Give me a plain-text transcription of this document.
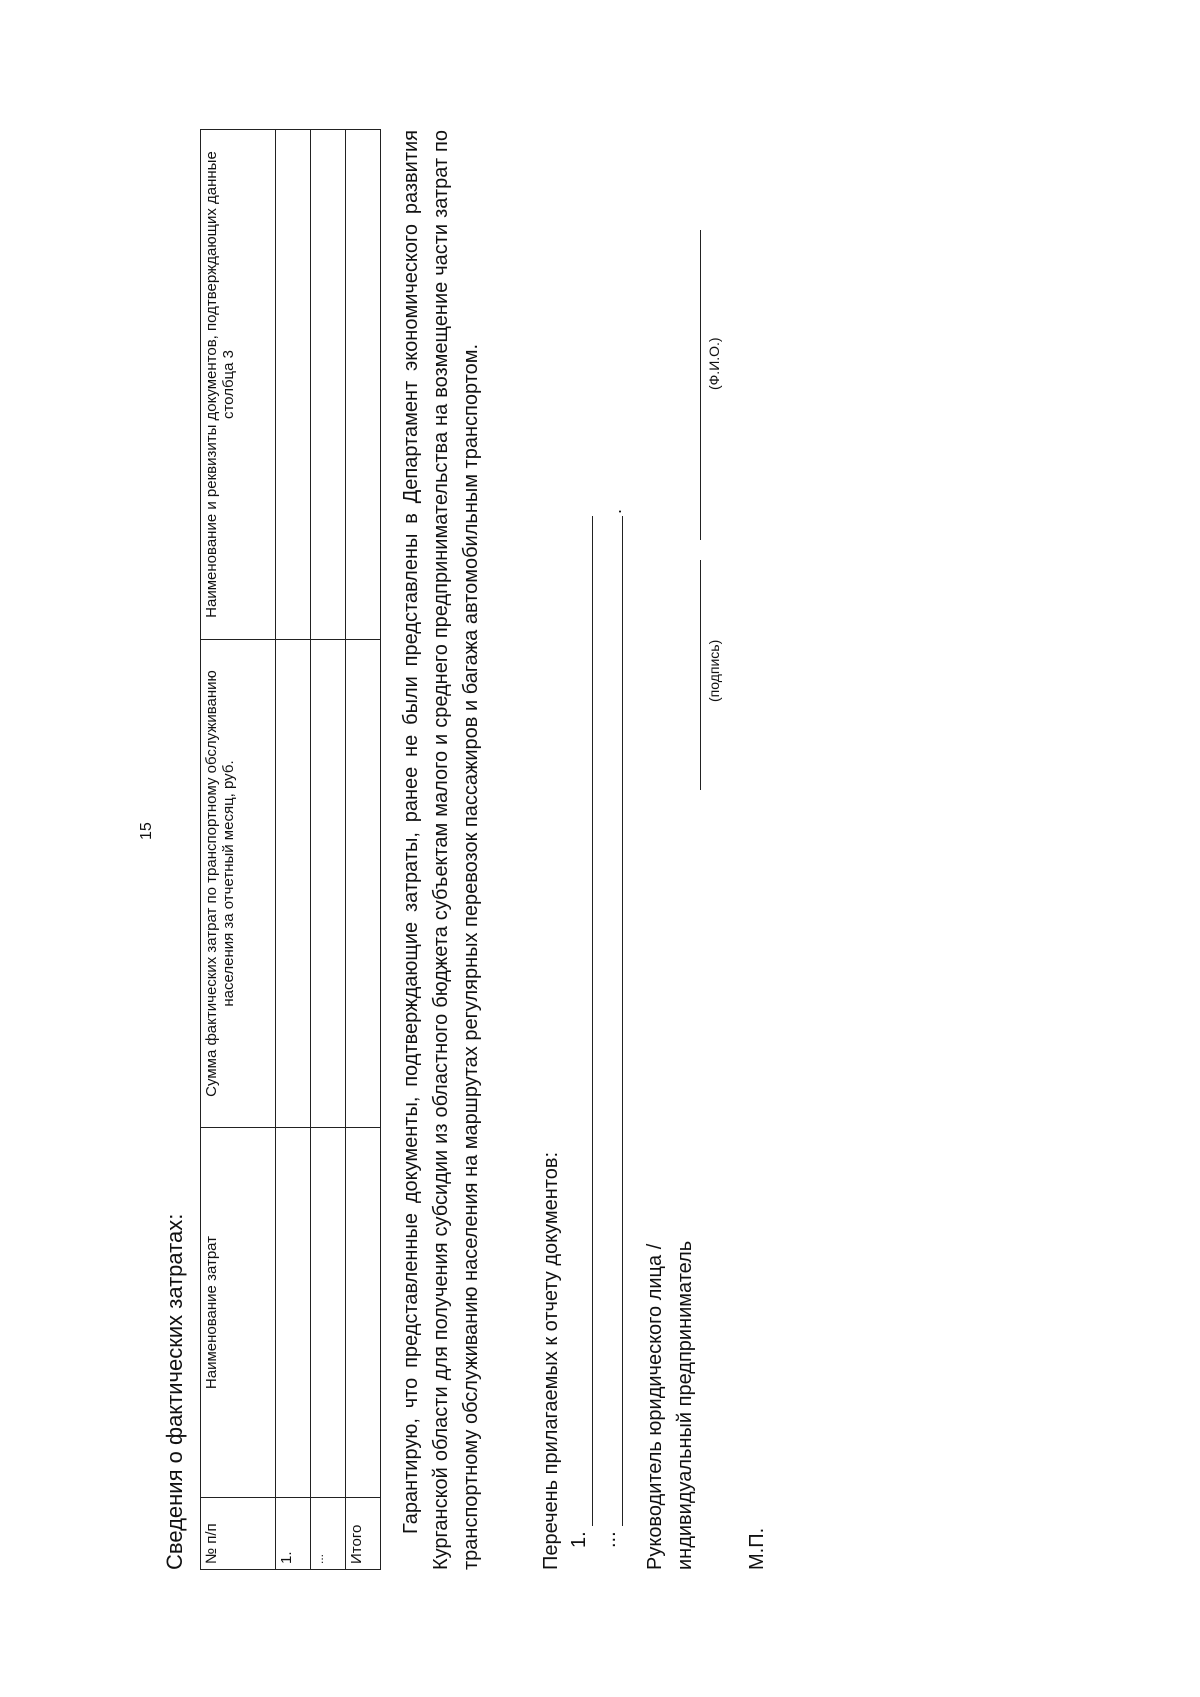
15
Сведения о фактических затратах: № п/п	Наименование затрат	Сумма фактических затрат по транспортному обслуживанию населения за отчетный месяц, руб.	Наименование и реквизиты документов, подтверждающих данные столбца 3
1.			
...			
Итого			

Гарантирую, что представленные документы, подтверждающие затраты, ранее не были представлены в Департамент экономического развития Курганской области для получения субсидии из областного бюджета субъектам малого и среднего предпринимательства на возмещение части затрат по транспортному обслуживанию населения на маршрутах регулярных перевозок пассажиров и багажа автомобильным транспортом.	Перечень прилагаемых к отчету документов: 1. ...
.
Руководитель юридического лица / индивидуальный предприниматель
(подпись)
(Ф.И.О.)
М.П.
